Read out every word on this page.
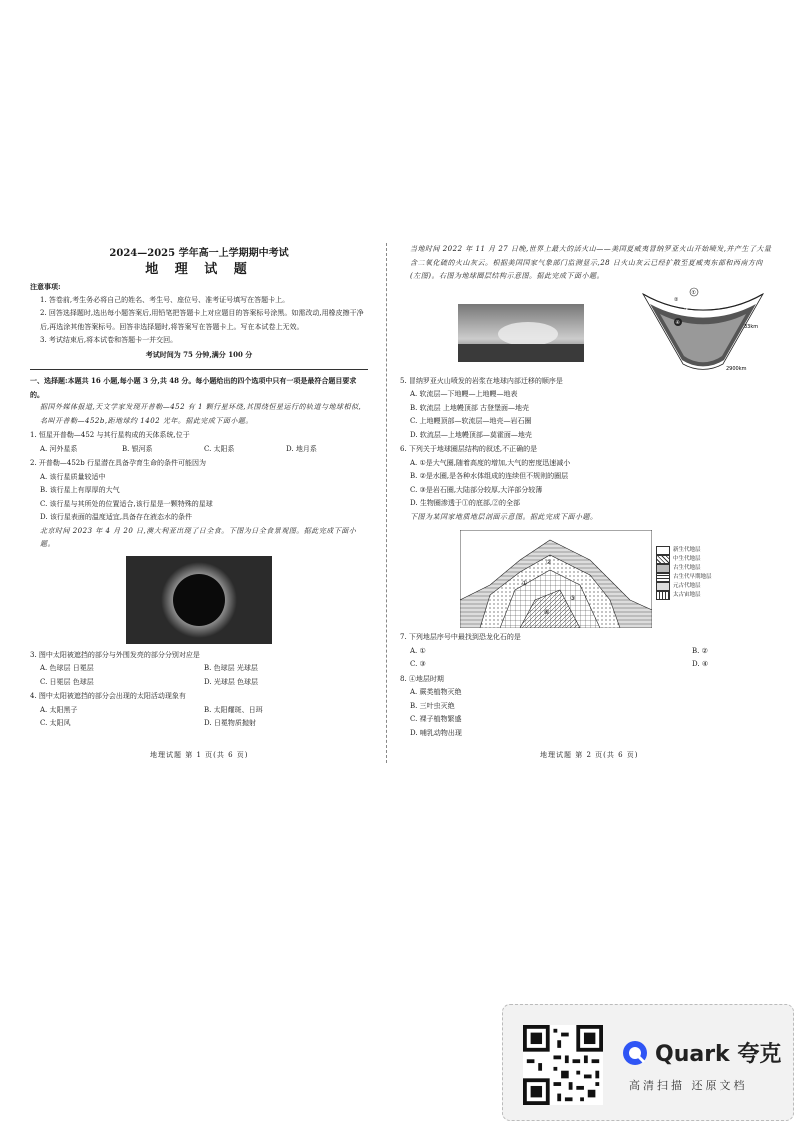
2024—2025 学年高一上学期期中考试
地 理 试 题
注意事项:
1. 答卷前,考生务必将自己的姓名、考生号、座位号、准考证号填写在答题卡上。
2. 回答选择题时,选出每小题答案后,用铅笔把答题卡上对应题目的答案标号涂黑。如需改动,用橡皮擦干净后,再选涂其他答案标号。回答非选择题时,将答案写在答题卡上。写在本试卷上无效。
3. 考试结束后,将本试卷和答题卡一并交回。
考试时间为 75 分钟,满分 100 分
一、选择题:本题共 16 小题,每小题 3 分,共 48 分。每小题给出的四个选项中只有一项是最符合题目要求的。
据国外媒体报道,天文学家发现开普勒—452 有 1 颗行星环绕,其围绕恒星运行的轨道与地球相似,名叫开普勒—452b,距地球约 1402 光年。据此完成下面小题。
1. 恒星开普勒—452 与其行星构成的天体系统,位于
A. 河外星系	B. 银河系	C. 太阳系	D. 地月系
2. 开普勒—452b 行星潜在具备孕育生命的条件可能因为
A. 该行星质量较适中
B. 该行星上有厚厚的大气
C. 该行星与其所处的位置适合,该行星是一颗特殊的星球
D. 该行星表面的温度适宜,具备存在液态水的条件
北京时间 2023 年 4 月 20 日,澳大利亚出现了日全食。下图为日全食景观图。据此完成下面小题。
3. 图中太阳被遮挡的部分与外围发亮的部分分别对应是
A. 色球层 日冕层	B. 色球层 光球层
C. 日冕层 色球层	D. 光球层 色球层
4. 图中太阳被遮挡的部分会出现的太阳活动现象有
A. 太阳黑子	B. 太阳耀斑、日珥
C. 太阳风	D. 日冕物质抛射
当地时间 2022 年 11 月 27 日晚,世界上最大的活火山——美国夏威夷冒纳罗亚火山开始喷发,并产生了大量含二氧化硫的火山灰云。根据美国国家气象部门监测显示,28 日火山灰云已经扩散至夏威夷东部和西南方向(左图)。右图为地球圈层结构示意图。据此完成下面小题。
①
②
③
④
33km
2900km
5. 冒纳罗亚火山喷发的岩浆在地球内部迁移的顺序是
A. 软流层—下地幔—上地幔—地表
B. 软流层 上地幔顶部 古登堡面—地壳
C. 上地幔顶部—软流层—地壳—岩石圈
D. 软流层—上地幔顶部—莫霍面—地壳
6. 下列关于地球圈层结构的叙述,不正确的是
A. ①是大气圈,随着高度的增加,大气的密度迅速减小
B. ②是水圈,是各种水体组成的连续但不规则的圈层
C. ③是岩石圈,大陆部分较厚,大洋部分较薄
D. 生物圈渗透于①的底部,②的全部
下图为某国家地质地层剖面示意图。据此完成下面小题。
①
②
③
④
新生代地层
中生代地层
古生代地层
古生代早期地层
元古代地层
太古宙地层
7. 下列地层序号中最找到恐龙化石的是
A. ①	B. ②
C. ③	D. ④
8. ④地层时期
A. 蕨类植物灭绝
B. 三叶虫灭绝
C. 裸子植物繁盛
D. 哺乳动物出现
地理试题 第 1 页(共 6 页)	地理试题 第 2 页(共 6 页)
Quark 夸克
高清扫描 还原文档
